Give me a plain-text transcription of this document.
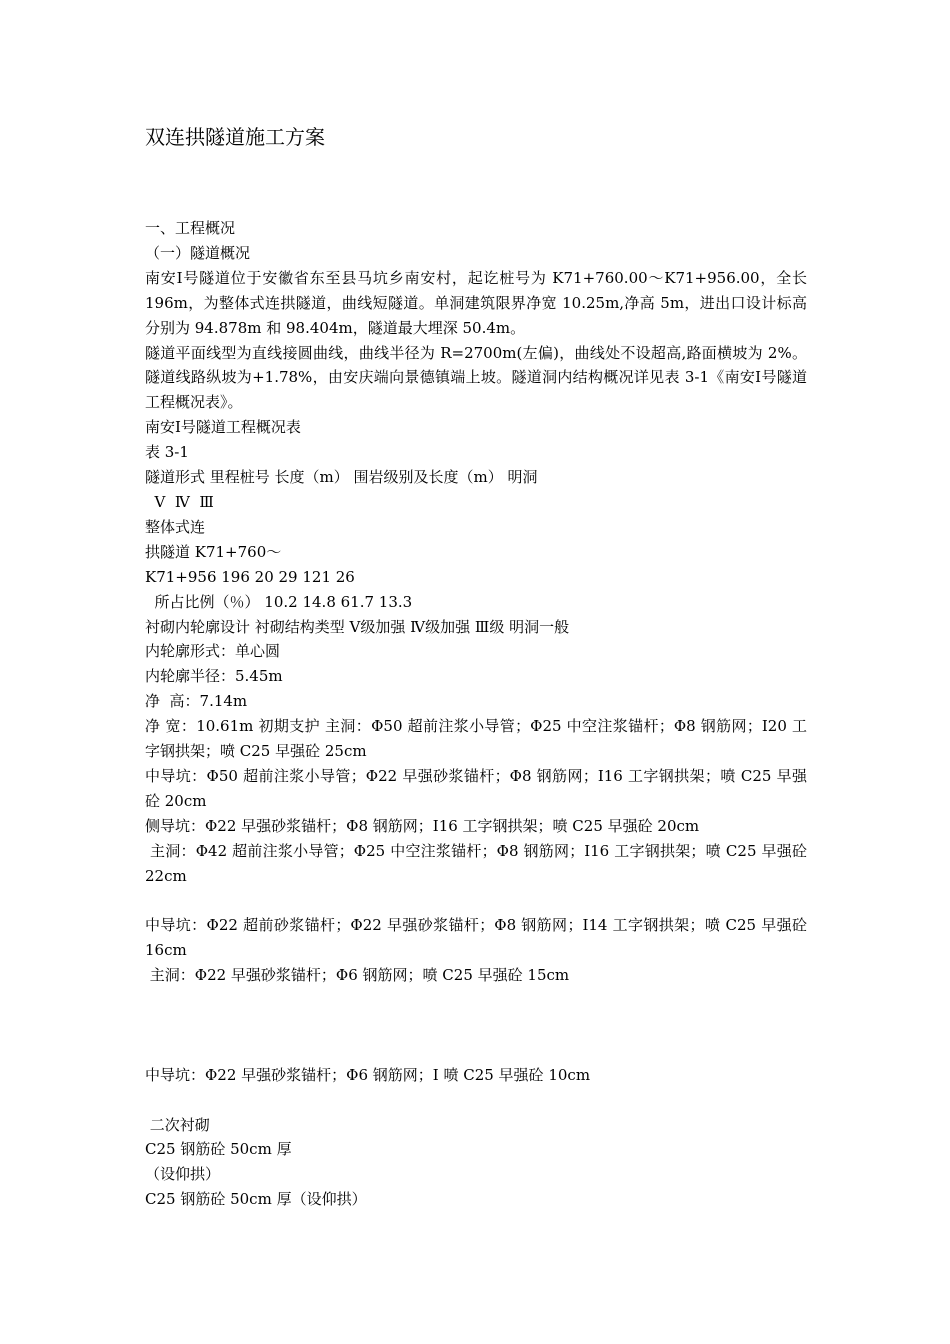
双连拱隧道施工方案

一、工程概况

（一）隧道概况

南安Ⅰ号隧道位于安徽省东至县马坑乡南安村，起讫桩号为 K71+760.00～K71+956.00，全长 196m，为整体式连拱隧道，曲线短隧道。单洞建筑限界净宽 10.25m,净高 5m，进出口设计标高分别为 94.878m 和 98.404m，隧道最大埋深 50.4m。

隧道平面线型为直线接圆曲线，曲线半径为 R=2700m(左偏)，曲线处不设超高,路面横坡为 2%。隧道线路纵坡为+1.78%，由安庆端向景德镇端上坡。隧道洞内结构概况详见表 3-1《南安Ⅰ号隧道工程概况表》。

南安Ⅰ号隧道工程概况表

表 3-1

隧道形式 里程桩号 长度（m） 围岩级别及长度（m） 明洞

Ⅴ  Ⅳ  Ⅲ

整体式连

拱隧道 K71+760～

K71+956 196 20 29 121 26

所占比例（％） 10.2 14.8 61.7 13.3

衬砌内轮廓设计 衬砌结构类型 Ⅴ级加强 Ⅳ级加强 Ⅲ级 明洞一般

内轮廓形式：单心圆

内轮廓半径：5.45m

净  高：7.14m

净 宽：10.61m 初期支护 主洞：Φ50 超前注浆小导管；Φ25 中空注浆锚杆；Φ8 钢筋网；I20 工字钢拱架；喷 C25 早强砼 25cm

中导坑：Φ50 超前注浆小导管；Φ22 早强砂浆锚杆；Φ8 钢筋网；I16 工字钢拱架；喷 C25 早强砼 20cm

侧导坑：Φ22 早强砂浆锚杆；Φ8 钢筋网；I16 工字钢拱架；喷 C25 早强砼 20cm

主洞：Φ42 超前注浆小导管；Φ25 中空注浆锚杆；Φ8 钢筋网；I16 工字钢拱架；喷 C25 早强砼 22cm

中导坑：Φ22 超前砂浆锚杆；Φ22 早强砂浆锚杆；Φ8 钢筋网；I14 工字钢拱架；喷 C25 早强砼 16cm

主洞：Φ22 早强砂浆锚杆；Φ6 钢筋网；喷 C25 早强砼 15cm

中导坑：Φ22 早强砂浆锚杆；Φ6 钢筋网；I 喷 C25 早强砼 10cm

二次衬砌

C25 钢筋砼 50cm 厚

（设仰拱）

C25 钢筋砼 50cm 厚（设仰拱）
